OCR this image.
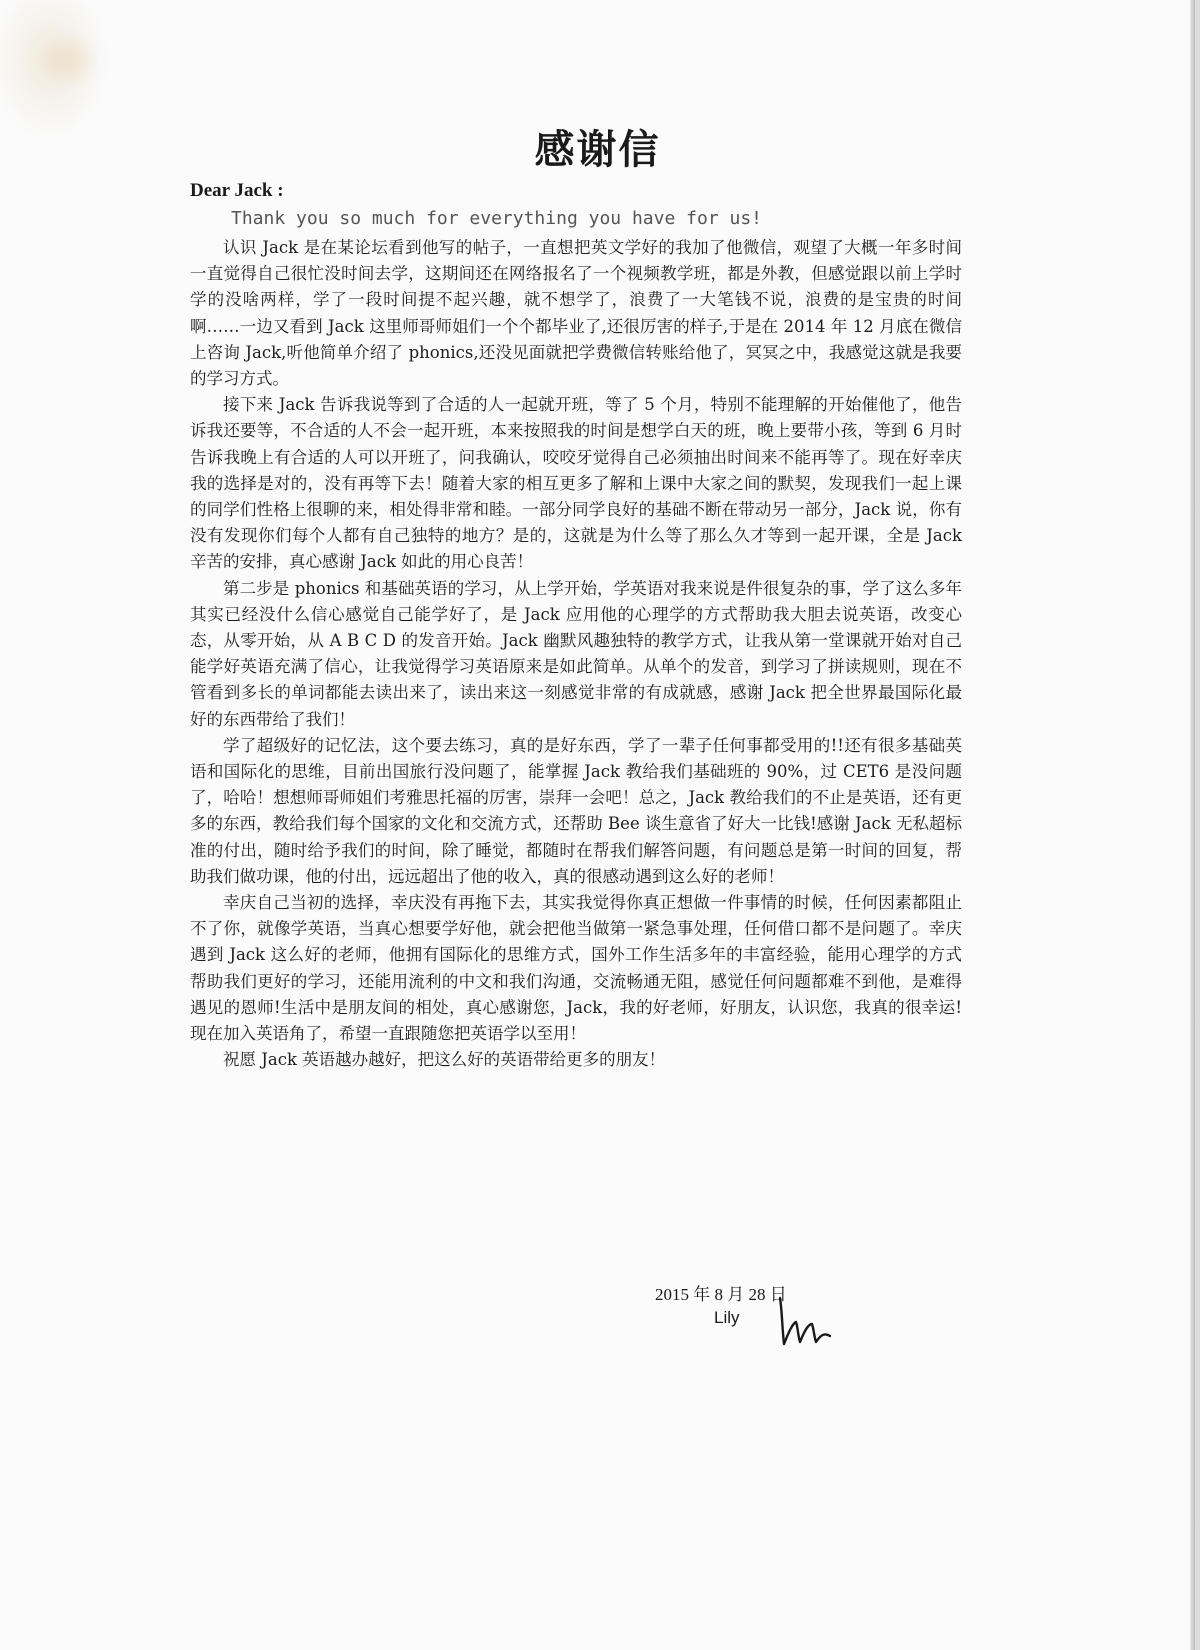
感谢信
Dear Jack :
Thank you so much for everything you have for us!

认识 Jack 是在某论坛看到他写的帖子，一直想把英文学好的我加了他微信，观望了大概一年多时间一直觉得自己很忙没时间去学，这期间还在网络报名了一个视频教学班，都是外教，但感觉跟以前上学时学的没啥两样，学了一段时间提不起兴趣，就不想学了，浪费了一大笔钱不说，浪费的是宝贵的时间啊……一边又看到 Jack 这里师哥师姐们一个个都毕业了,还很厉害的样子,于是在 2014 年 12 月底在微信上咨询 Jack,听他简单介绍了 phonics,还没见面就把学费微信转账给他了，冥冥之中，我感觉这就是我要的学习方式。

接下来 Jack 告诉我说等到了合适的人一起就开班，等了 5 个月，特别不能理解的开始催他了，他告诉我还要等，不合适的人不会一起开班，本来按照我的时间是想学白天的班，晚上要带小孩，等到 6 月时告诉我晚上有合适的人可以开班了，问我确认，咬咬牙觉得自己必须抽出时间来不能再等了。现在好幸庆我的选择是对的，没有再等下去！随着大家的相互更多了解和上课中大家之间的默契，发现我们一起上课的同学们性格上很聊的来，相处得非常和睦。一部分同学良好的基础不断在带动另一部分，Jack 说，你有没有发现你们每个人都有自己独特的地方？是的，这就是为什么等了那么久才等到一起开课，全是 Jack 辛苦的安排，真心感谢 Jack 如此的用心良苦！

第二步是 phonics 和基础英语的学习，从上学开始，学英语对我来说是件很复杂的事，学了这么多年其实已经没什么信心感觉自己能学好了，是 Jack 应用他的心理学的方式帮助我大胆去说英语，改变心态，从零开始，从 A B C D 的发音开始。Jack 幽默风趣独特的教学方式，让我从第一堂课就开始对自己能学好英语充满了信心，让我觉得学习英语原来是如此简单。从单个的发音，到学习了拼读规则，现在不管看到多长的单词都能去读出来了，读出来这一刻感觉非常的有成就感，感谢 Jack 把全世界最国际化最好的东西带给了我们！

学了超级好的记忆法，这个要去练习，真的是好东西，学了一辈子任何事都受用的!!还有很多基础英语和国际化的思维，目前出国旅行没问题了，能掌握 Jack 教给我们基础班的 90%，过 CET6 是没问题了，哈哈！想想师哥师姐们考雅思托福的厉害，崇拜一会吧！总之，Jack 教给我们的不止是英语，还有更多的东西，教给我们每个国家的文化和交流方式，还帮助 Bee 谈生意省了好大一比钱!感谢 Jack 无私超标准的付出，随时给予我们的时间，除了睡觉，都随时在帮我们解答问题，有问题总是第一时间的回复，帮助我们做功课，他的付出，远远超出了他的收入，真的很感动遇到这么好的老师！

幸庆自己当初的选择，幸庆没有再拖下去，其实我觉得你真正想做一件事情的时候，任何因素都阻止不了你，就像学英语，当真心想要学好他，就会把他当做第一紧急事处理，任何借口都不是问题了。幸庆遇到 Jack 这么好的老师，他拥有国际化的思维方式，国外工作生活多年的丰富经验，能用心理学的方式帮助我们更好的学习，还能用流利的中文和我们沟通，交流畅通无阻，感觉任何问题都难不到他，是难得遇见的恩师!生活中是朋友间的相处，真心感谢您，Jack，我的好老师，好朋友，认识您，我真的很幸运!现在加入英语角了，希望一直跟随您把英语学以至用！

祝愿 Jack 英语越办越好，把这么好的英语带给更多的朋友！

2015 年 8 月 28 日
Lily
